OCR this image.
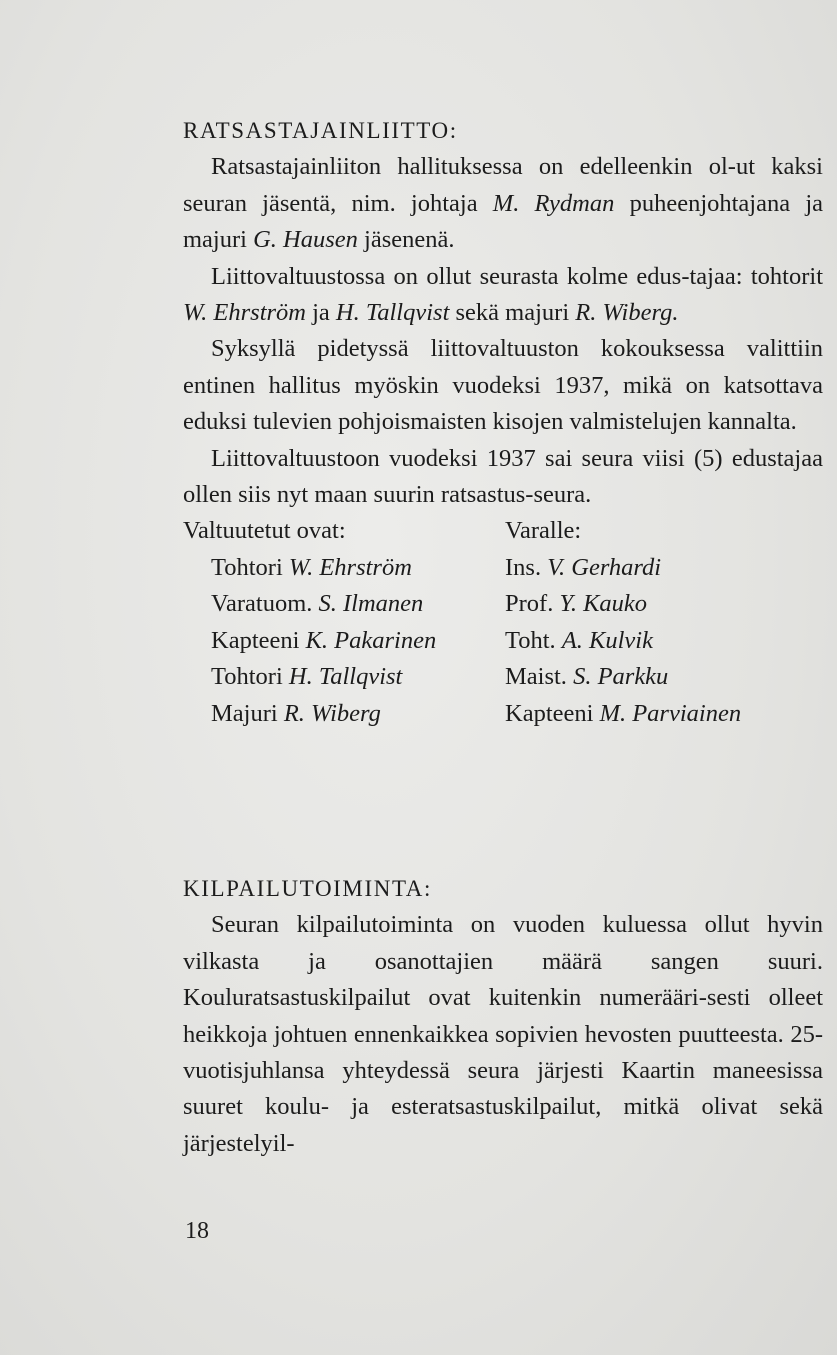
RATSASTAJAINLIITTO:

Ratsastajainliiton hallituksessa on edelleenkin ol-ut kaksi seuran jäsentä, nim. johtaja M. Rydman puheenjohtajana ja majuri G. Hausen jäsenenä.

Liittovaltuustossa on ollut seurasta kolme edus-tajaa: tohtorit W. Ehrström ja H. Tallqvist sekä majuri R. Wiberg.

Syksyllä pidetyssä liittovaltuuston kokouksessa valittiin entinen hallitus myöskin vuodeksi 1937, mikä on katsottava eduksi tulevien pohjoismaisten kisojen valmistelujen kannalta.

Liittovaltuustoon vuodeksi 1937 sai seura viisi (5) edustajaa ollen siis nyt maan suurin ratsastus-seura.

Valtuutetut ovat:	Varalle:
Tohtori W. Ehrström	Ins. V. Gerhardi
Varatuom. S. Ilmanen	Prof. Y. Kauko
Kapteeni K. Pakarinen	Toht. A. Kulvik
Tohtori H. Tallqvist	Maist. S. Parkku
Majuri R. Wiberg	Kapteeni M. Parviainen
KILPAILUTOIMINTA:

Seuran kilpailutoiminta on vuoden kuluessa ollut hyvin vilkasta ja osanottajien määrä sangen suuri. Kouluratsastuskilpailut ovat kuitenkin numerääri-sesti olleet heikkoja johtuen ennenkaikkea sopivien hevosten puutteesta. 25-vuotisjuhlansa yhteydessä seura järjesti Kaartin maneesissa suuret koulu- ja esteratsastuskilpailut, mitkä olivat sekä järjestelyil-

18
